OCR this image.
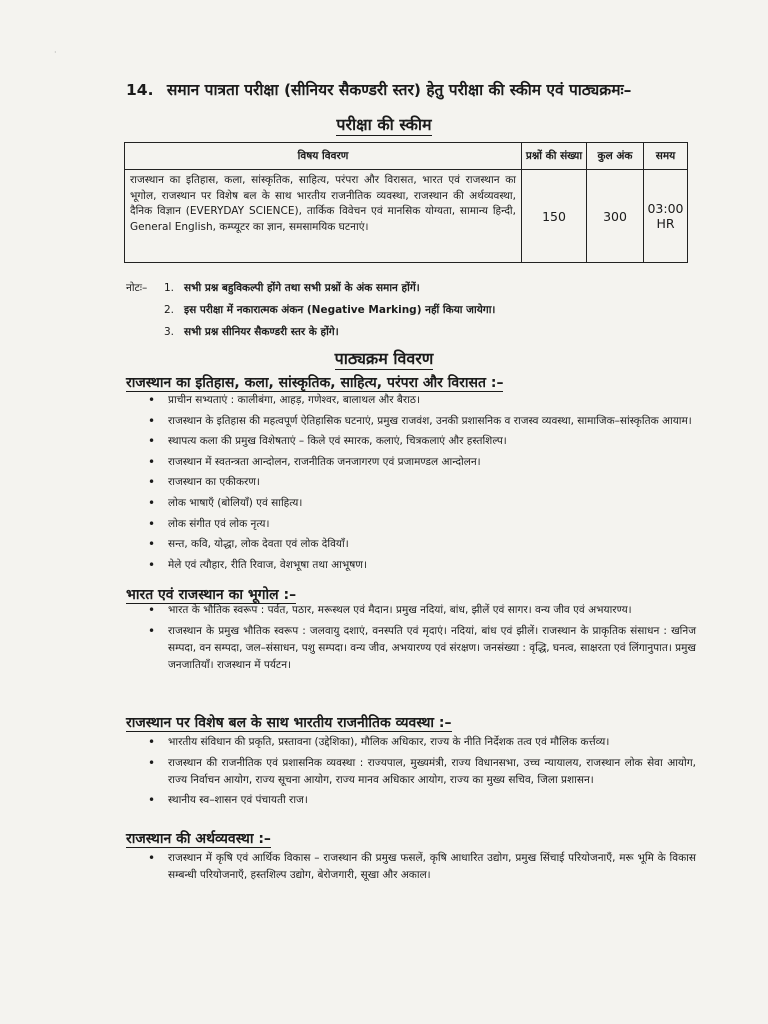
·
14. समान पात्रता परीक्षा (सीनियर सैकण्डरी स्तर) हेतु परीक्षा की स्कीम एवं पाठ्यक्रमः–
परीक्षा की स्कीम
विषय विवरण	प्रश्नों की संख्या	कुल अंक	समय
राजस्थान का इतिहास, कला, सांस्कृतिक, साहित्य, परंपरा और विरासत, भारत एवं राजस्थान का भूगोल, राजस्थान पर विशेष बल के साथ भारतीय राजनीतिक व्यवस्था, राजस्थान की अर्थव्यवस्था, दैनिक विज्ञान (EVERYDAY SCIENCE), तार्किक विवेचन एवं मानसिक योग्यता, सामान्य हिन्दी, General English, कम्प्यूटर का ज्ञान, समसामयिक घटनाएं।	150	300	03:00 HR
नोटः–	1. सभी प्रश्न बहुविकल्पी होंगे तथा सभी प्रश्नों के अंक समान होंगें।
2. इस परीक्षा में नकारात्मक अंकन (Negative Marking) नहीं किया जायेगा।
3. सभी प्रश्न सीनियर सैकण्डरी स्तर के होंगे।
पाठ्यक्रम विवरण
राजस्थान का इतिहास, कला, सांस्कृतिक, साहित्य, परंपरा और विरासत :–
• प्राचीन सभ्यताएं : कालीबंगा, आहड़, गणेश्वर, बालाथल और बैराठ।
• राजस्थान के इतिहास की महत्वपूर्ण ऐतिहासिक घटनाएं, प्रमुख राजवंश, उनकी प्रशासनिक व राजस्व व्यवस्था, सामाजिक–सांस्कृतिक आयाम।
• स्थापत्य कला की प्रमुख विशेषताएं – किले एवं स्मारक, कलाएं, चित्रकलाएं और हस्तशिल्प।
• राजस्थान में स्वतन्त्रता आन्दोलन, राजनीतिक जनजागरण एवं प्रजामण्डल आन्दोलन।
• राजस्थान का एकीकरण।
• लोक भाषाएँ (बोलियाँ) एवं साहित्य।
• लोक संगीत एवं लोक नृत्य।
• सन्त, कवि, योद्धा, लोक देवता एवं लोक देवियाँ।
• मेले एवं त्यौहार, रीति रिवाज, वेशभूषा तथा आभूषण।
भारत एवं राजस्थान का भूगोल :–
• भारत के भौतिक स्वरूप : पर्वत, पठार, मरूस्थल एवं मैदान। प्रमुख नदियां, बांध, झीलें एवं सागर। वन्य जीव एवं अभयारण्य।
• राजस्थान के प्रमुख भौतिक स्वरूप : जलवायु दशाएं, वनस्पति एवं मृदाएं। नदियां, बांध एवं झीलें। राजस्थान के प्राकृतिक संसाधन : खनिज सम्पदा, वन सम्पदा, जल–संसाधन, पशु सम्पदा। वन्य जीव, अभयारण्य एवं संरक्षण। जनसंख्या : वृद्धि, घनत्व, साक्षरता एवं लिंगानुपात। प्रमुख जनजातियाँ। राजस्थान में पर्यटन।
राजस्थान पर विशेष बल के साथ भारतीय राजनीतिक व्यवस्था :–
• भारतीय संविधान की प्रकृति, प्रस्तावना (उद्देशिका), मौलिक अधिकार, राज्य के नीति निर्देशक तत्व एवं मौलिक कर्त्तव्य।
• राजस्थान की राजनीतिक एवं प्रशासनिक व्यवस्था : राज्यपाल, मुख्यमंत्री, राज्य विधानसभा, उच्च न्यायालय, राजस्थान लोक सेवा आयोग, राज्य निर्वाचन आयोग, राज्य सूचना आयोग, राज्य मानव अधिकार आयोग, राज्य का मुख्य सचिव, जिला प्रशासन।
• स्थानीय स्व–शासन एवं पंचायती राज।
राजस्थान की अर्थव्यवस्था :–
• राजस्थान में कृषि एवं आर्थिक विकास – राजस्थान की प्रमुख फसलें, कृषि आधारित उद्योग, प्रमुख सिंचाई परियोजनाएँ, मरू भूमि के विकास सम्बन्धी परियोजनाएँ, हस्तशिल्प उद्योग, बेरोजगारी, सूखा और अकाल।
